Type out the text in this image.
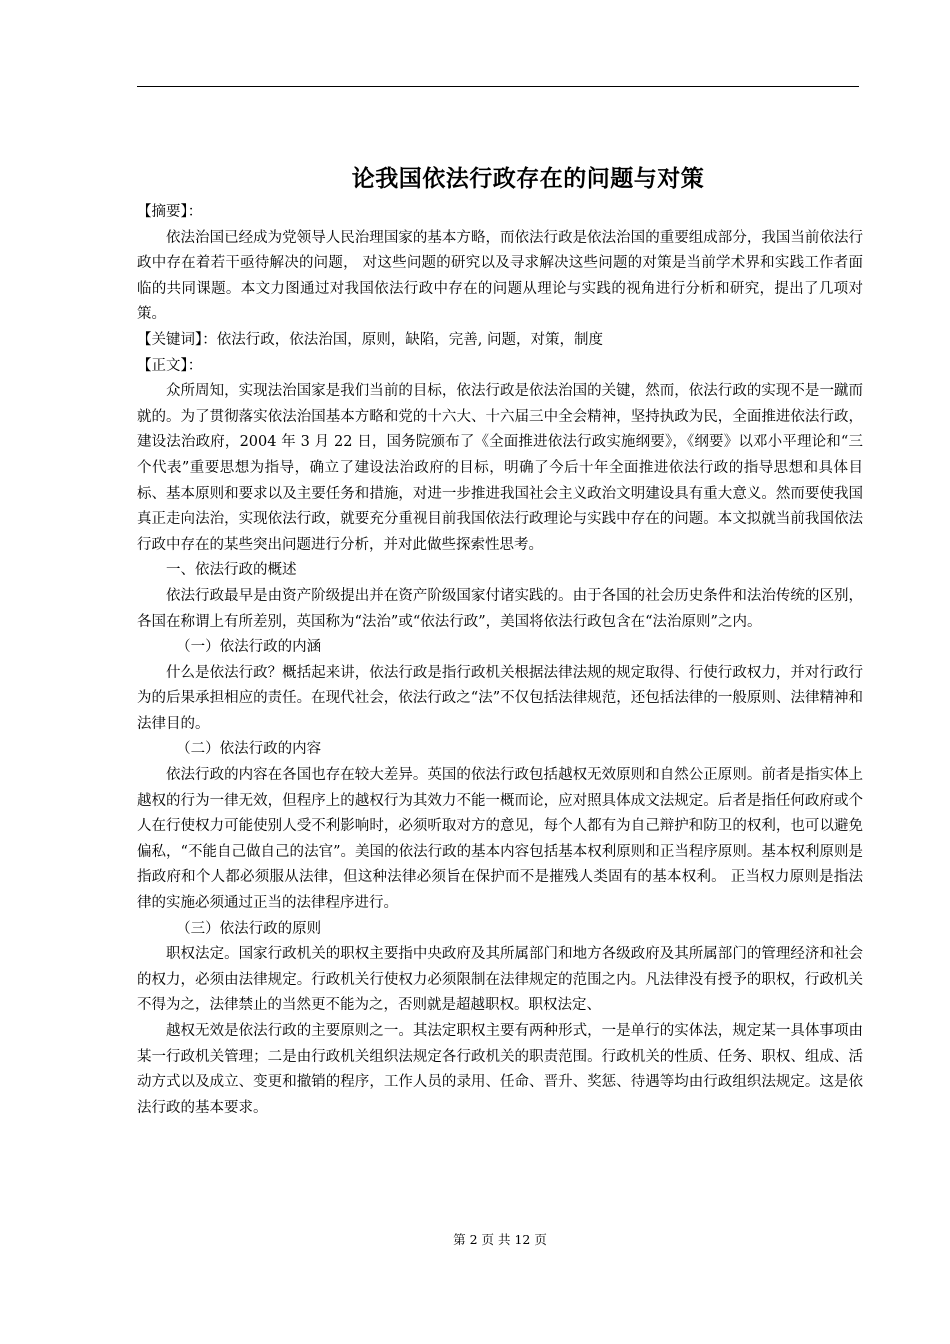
论我国依法行政存在的问题与对策

【摘要】：

依法治国已经成为党领导人民治理国家的基本方略，而依法行政是依法治国的重要组成部分，我国当前依法行政中存在着若干亟待解决的问题， 对这些问题的研究以及寻求解决这些问题的对策是当前学术界和实践工作者面临的共同课题。本文力图通过对我国依法行政中存在的问题从理论与实践的视角进行分析和研究，提出了几项对策。

【关键词】：依法行政，依法治国，原则，缺陷，完善, 问题，对策，制度

【正文】：

众所周知，实现法治国家是我们当前的目标，依法行政是依法治国的关键，然而，依法行政的实现不是一蹴而就的。为了贯彻落实依法治国基本方略和党的十六大、十六届三中全会精神，坚持执政为民，全面推进依法行政，建设法治政府，2004 年 3 月 22 日，国务院颁布了《全面推进依法行政实施纲要》，《纲要》以邓小平理论和“三个代表”重要思想为指导，确立了建设法治政府的目标，明确了今后十年全面推进依法行政的指导思想和具体目标、基本原则和要求以及主要任务和措施，对进一步推进我国社会主义政治文明建设具有重大意义。然而要使我国真正走向法治，实现依法行政，就要充分重视目前我国依法行政理论与实践中存在的问题。本文拟就当前我国依法行政中存在的某些突出问题进行分析，并对此做些探索性思考。

一、依法行政的概述

依法行政最早是由资产阶级提出并在资产阶级国家付诸实践的。由于各国的社会历史条件和法治传统的区别，各国在称谓上有所差别，英国称为“法治”或“依法行政”，美国将依法行政包含在“法治原则”之内。

（一）依法行政的内涵

什么是依法行政？概括起来讲，依法行政是指行政机关根据法律法规的规定取得、行使行政权力，并对行政行为的后果承担相应的责任。在现代社会，依法行政之“法”不仅包括法律规范，还包括法律的一般原则、法律精神和法律目的。

（二）依法行政的内容

依法行政的内容在各国也存在较大差异。英国的依法行政包括越权无效原则和自然公正原则。前者是指实体上越权的行为一律无效，但程序上的越权行为其效力不能一概而论，应对照具体成文法规定。后者是指任何政府或个人在行使权力可能使别人受不利影响时，必须听取对方的意见，每个人都有为自己辩护和防卫的权利，也可以避免偏私，“不能自己做自己的法官”。美国的依法行政的基本内容包括基本权利原则和正当程序原则。基本权利原则是指政府和个人都必须服从法律，但这种法律必须旨在保护而不是摧残人类固有的基本权利。 正当权力原则是指法律的实施必须通过正当的法律程序进行。

（三）依法行政的原则

职权法定。国家行政机关的职权主要指中央政府及其所属部门和地方各级政府及其所属部门的管理经济和社会的权力，必须由法律规定。行政机关行使权力必须限制在法律规定的范围之内。凡法律没有授予的职权，行政机关不得为之，法律禁止的当然更不能为之，否则就是超越职权。职权法定、

越权无效是依法行政的主要原则之一。其法定职权主要有两种形式，一是单行的实体法，规定某一具体事项由某一行政机关管理；二是由行政机关组织法规定各行政机关的职责范围。行政机关的性质、任务、职权、组成、活动方式以及成立、变更和撤销的程序，工作人员的录用、任命、晋升、奖惩、待遇等均由行政组织法规定。这是依法行政的基本要求。

第 2 页 共 12 页
